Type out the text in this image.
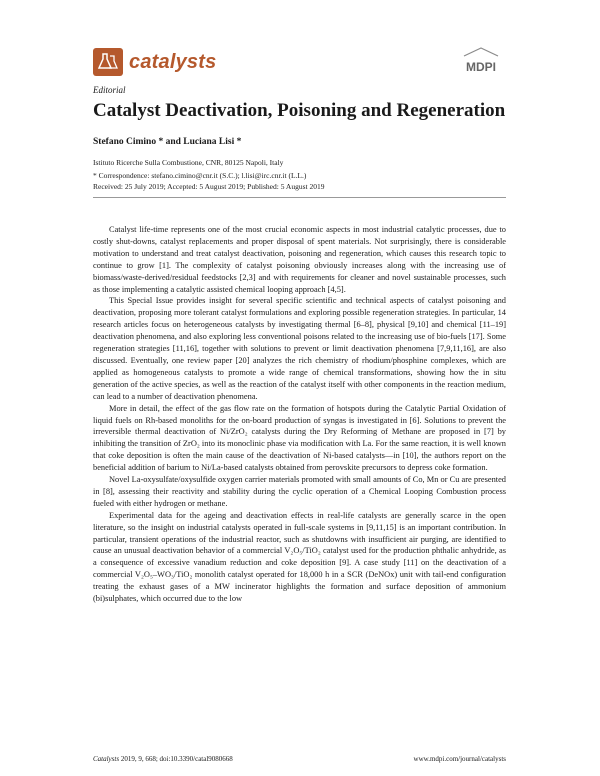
catalysts	MDPI
Editorial
Catalyst Deactivation, Poisoning and Regeneration
Stefano Cimino * and Luciana Lisi *
Istituto Ricerche Sulla Combustione, CNR, 80125 Napoli, Italy
* Correspondence: stefano.cimino@cnr.it (S.C.); l.lisi@irc.cnr.it (L.L.)
Received: 25 July 2019; Accepted: 5 August 2019; Published: 5 August 2019

Catalyst life-time represents one of the most crucial economic aspects in most industrial catalytic processes, due to costly shut-downs, catalyst replacements and proper disposal of spent materials. Not surprisingly, there is considerable motivation to understand and treat catalyst deactivation, poisoning and regeneration, which causes this research topic to continue to grow [1]. The complexity of catalyst poisoning obviously increases along with the increasing use of biomass/waste-derived/residual feedstocks [2,3] and with requirements for cleaner and novel sustainable processes, such as those implementing a catalytic assisted chemical looping approach [4,5].

This Special Issue provides insight for several specific scientific and technical aspects of catalyst poisoning and deactivation, proposing more tolerant catalyst formulations and exploring possible regeneration strategies. In particular, 14 research articles focus on heterogeneous catalysts by investigating thermal [6–8], physical [9,10] and chemical [11–19] deactivation phenomena, and also exploring less conventional poisons related to the increasing use of bio-fuels [17]. Some regeneration strategies [11,16], together with solutions to prevent or limit deactivation phenomena [7,9,11,16], are also discussed. Eventually, one review paper [20] analyzes the rich chemistry of rhodium/phosphine complexes, which are applied as homogeneous catalysts to promote a wide range of chemical transformations, showing how the in situ generation of the active species, as well as the reaction of the catalyst itself with other components in the reaction medium, can lead to a number of deactivation phenomena.

More in detail, the effect of the gas flow rate on the formation of hotspots during the Catalytic Partial Oxidation of liquid fuels on Rh-based monoliths for the on-board production of syngas is investigated in [6]. Solutions to prevent the irreversible thermal deactivation of Ni/ZrO₂ catalysts during the Dry Reforming of Methane are proposed in [7] by inhibiting the transition of ZrO₂ into its monoclinic phase via modification with La. For the same reaction, it is well known that coke deposition is often the main cause of the deactivation of Ni-based catalysts—in [10], the authors report on the beneficial addition of barium to Ni/La-based catalysts obtained from perovskite precursors to depress coke formation.

Novel La-oxysulfate/oxysulfide oxygen carrier materials promoted with small amounts of Co, Mn or Cu are presented in [8], assessing their reactivity and stability during the cyclic operation of a Chemical Looping Combustion process fueled with either hydrogen or methane.

Experimental data for the ageing and deactivation effects in real-life catalysts are generally scarce in the open literature, so the insight on industrial catalysts operated in full-scale systems in [9,11,15] is an important contribution. In particular, transient operations of the industrial reactor, such as shutdowns with insufficient air purging, are identified to cause an unusual deactivation behavior of a commercial V₂O₅/TiO₂ catalyst used for the production phthalic anhydride, as a consequence of excessive vanadium reduction and coke deposition [9]. A case study [11] on the deactivation of a commercial V₂O₅–WO₃/TiO₂ monolith catalyst operated for 18,000 h in a SCR (DeNOx) unit with tail-end configuration treating the exhaust gases of a MW incinerator highlights the formation and surface deposition of ammonium (bi)sulphates, which occurred due to the low

Catalysts 2019, 9, 668; doi:10.3390/catal9080668	www.mdpi.com/journal/catalysts
